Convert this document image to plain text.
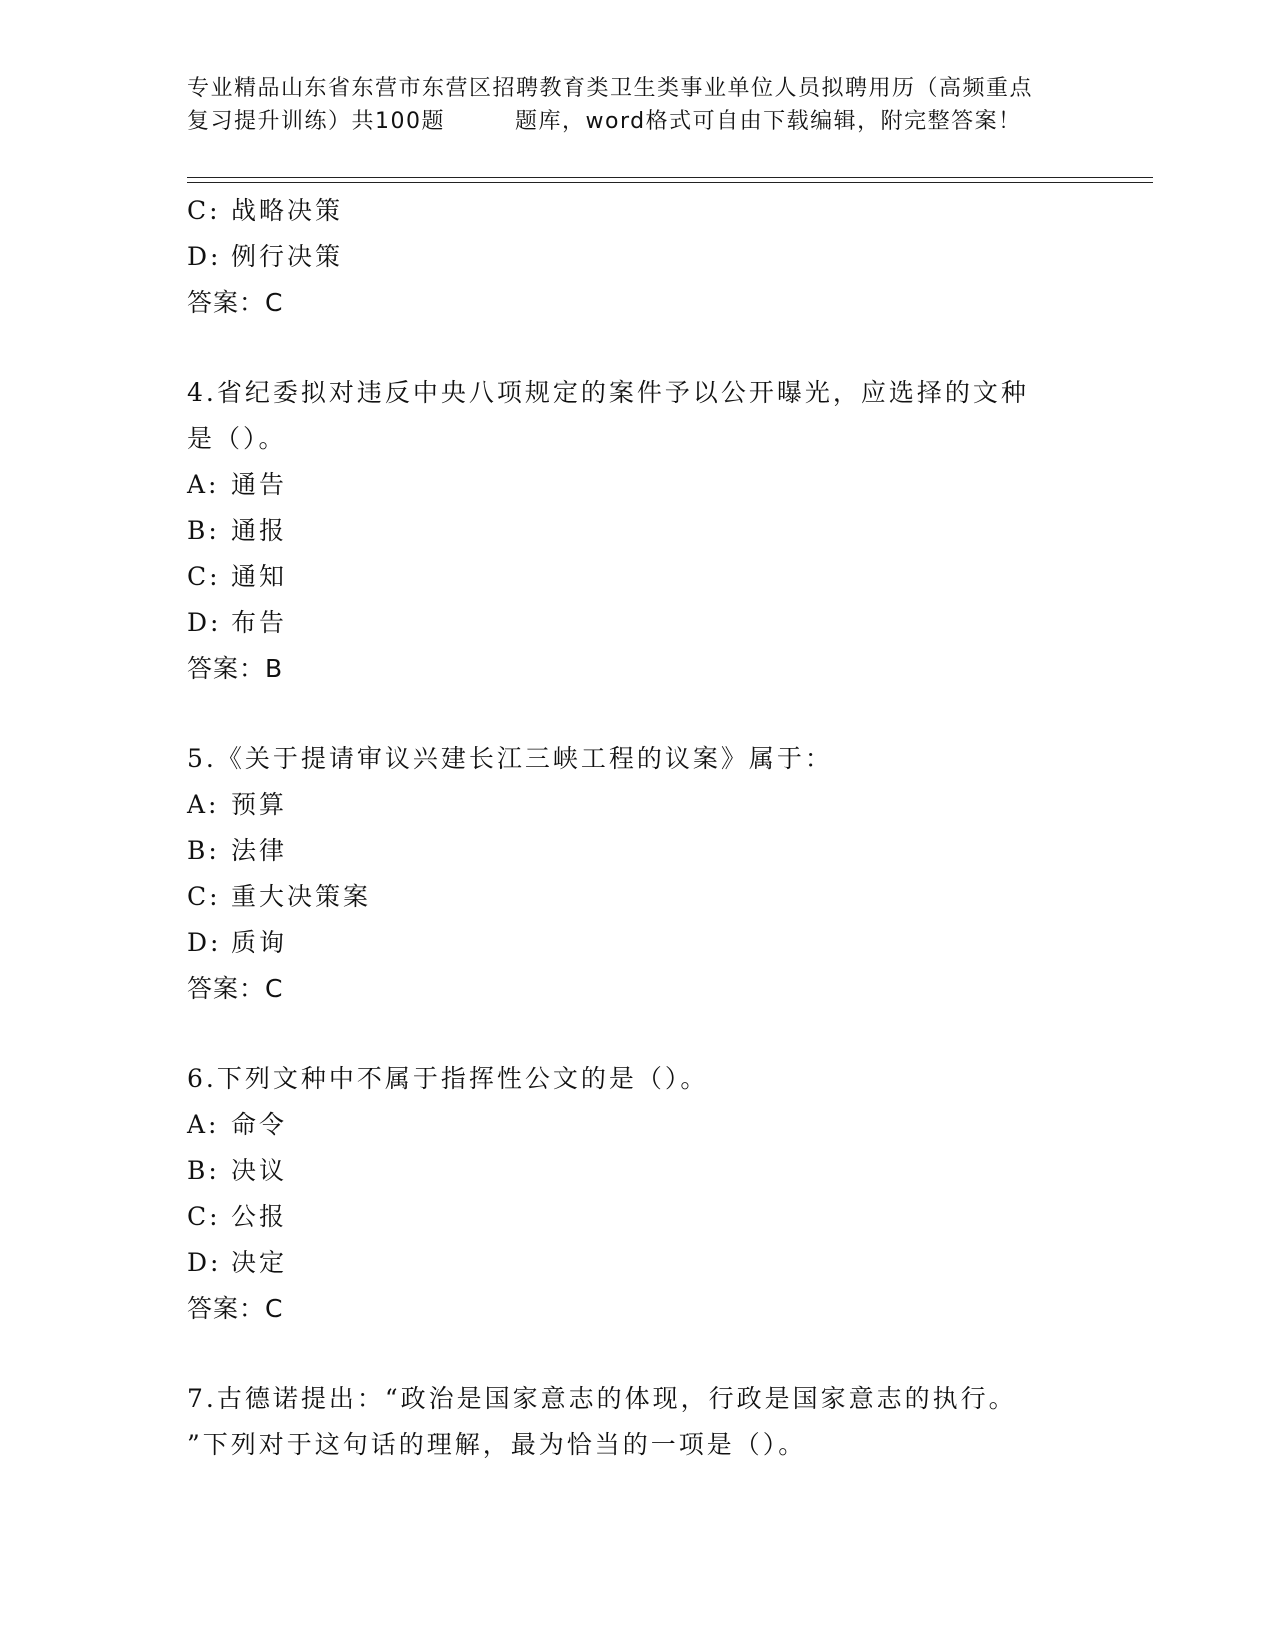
专业精品山东省东营市东营区招聘教育类卫生类事业单位人员拟聘用历（高频重点
复习提升训练）共100题	题库，word格式可自由下载编辑，附完整答案！
C: 战略决策
D: 例行决策
答案：C
4.省纪委拟对违反中央八项规定的案件予以公开曝光，应选择的文种
是（）。
A: 通告
B: 通报
C: 通知
D: 布告
答案：B
5.《关于提请审议兴建长江三峡工程的议案》属于：
A: 预算
B: 法律
C: 重大决策案
D: 质询
答案：C
6.下列文种中不属于指挥性公文的是（）。
A: 命令
B: 决议
C: 公报
D: 决定
答案：C
7.古德诺提出：“政治是国家意志的体现，行政是国家意志的执行。
”下列对于这句话的理解，最为恰当的一项是（）。
